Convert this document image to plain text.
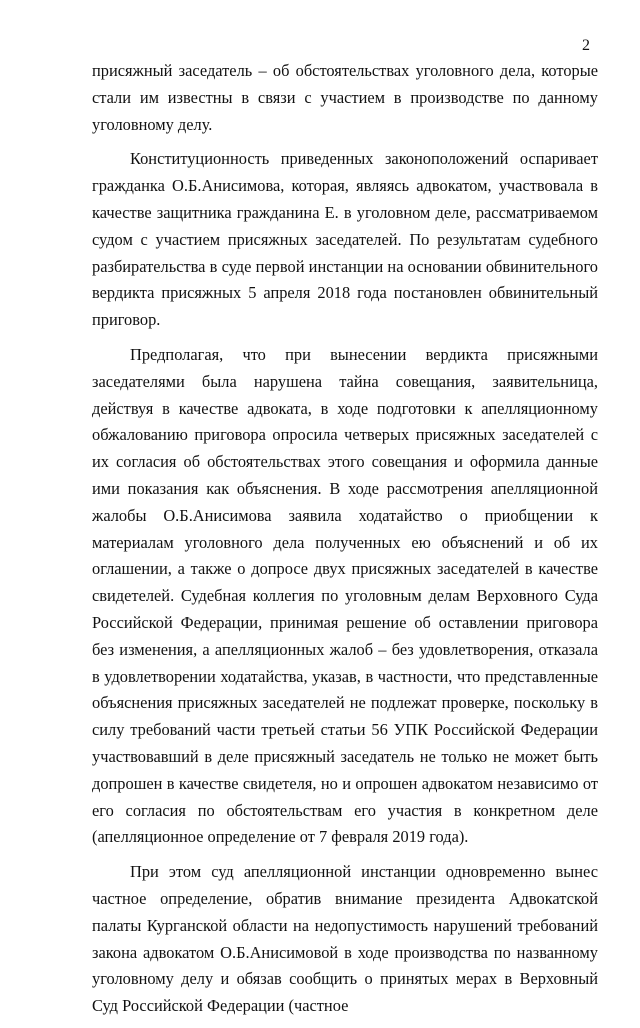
2

присяжный заседатель – об обстоятельствах уголовного дела, которые стали им известны в связи с участием в производстве по данному уголовному делу.

Конституционность приведенных законоположений оспаривает гражданка О.Б.Анисимова, которая, являясь адвокатом, участвовала в качестве защитника гражданина Е. в уголовном деле, рассматриваемом судом с участием присяжных заседателей. По результатам судебного разбирательства в суде первой инстанции на основании обвинительного вердикта присяжных 5 апреля 2018 года постановлен обвинительный приговор.

Предполагая, что при вынесении вердикта присяжными заседателями была нарушена тайна совещания, заявительница, действуя в качестве адвоката, в ходе подготовки к апелляционному обжалованию приговора опросила четверых присяжных заседателей с их согласия об обстоятельствах этого совещания и оформила данные ими показания как объяснения. В ходе рассмотрения апелляционной жалобы О.Б.Анисимова заявила ходатайство о приобщении к материалам уголовного дела полученных ею объяснений и об их оглашении, а также о допросе двух присяжных заседателей в качестве свидетелей. Судебная коллегия по уголовным делам Верховного Суда Российской Федерации, принимая решение об оставлении приговора без изменения, а апелляционных жалоб – без удовлетворения, отказала в удовлетворении ходатайства, указав, в частности, что представленные объяснения присяжных заседателей не подлежат проверке, поскольку в силу требований части третьей статьи 56 УПК Российской Федерации участвовавший в деле присяжный заседатель не только не может быть допрошен в качестве свидетеля, но и опрошен адвокатом независимо от его согласия по обстоятельствам его участия в конкретном деле (апелляционное определение от 7 февраля 2019 года).

При этом суд апелляционной инстанции одновременно вынес частное определение, обратив внимание президента Адвокатской палаты Курганской области на недопустимость нарушений требований закона адвокатом О.Б.Анисимовой в ходе производства по названному уголовному делу и обязав сообщить о принятых мерах в Верховный Суд Российской Федерации (частное
